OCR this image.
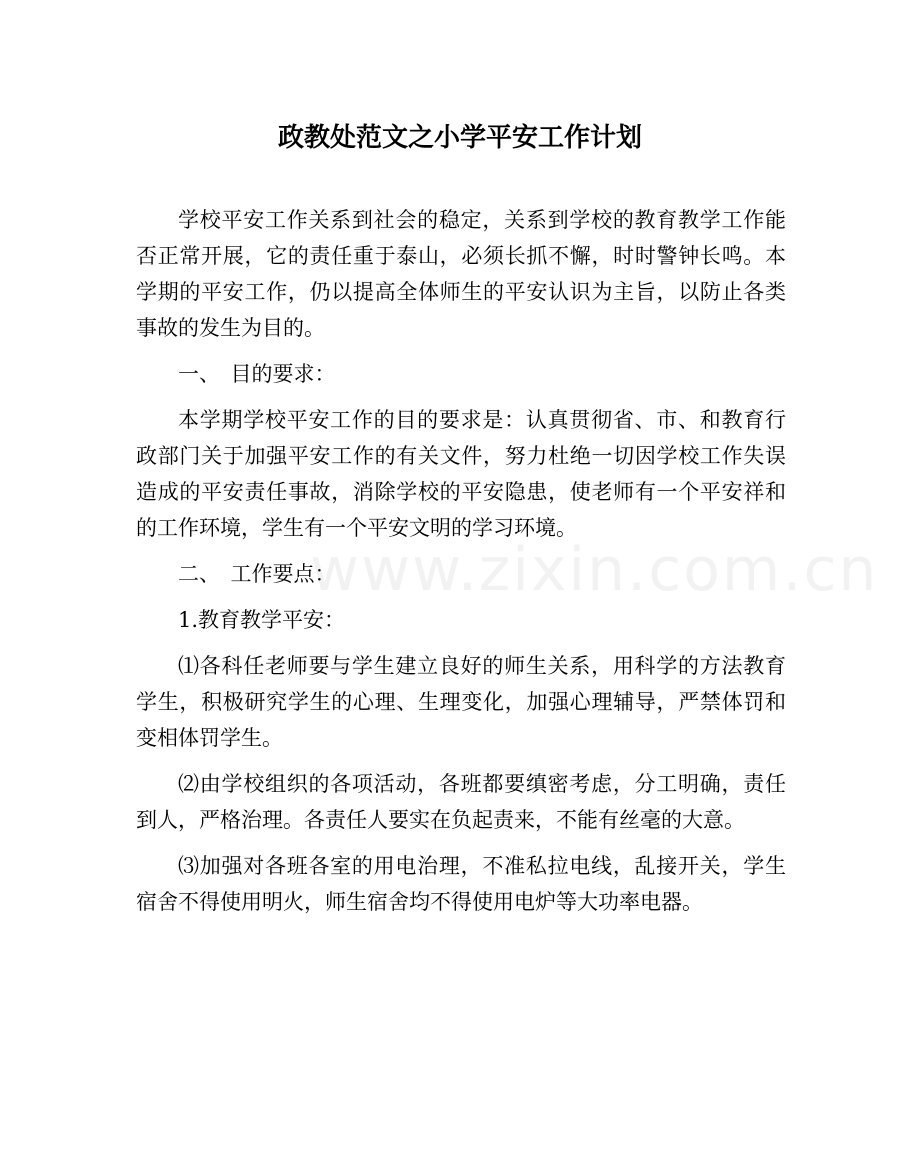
政教处范文之小学平安工作计划

学校平安工作关系到社会的稳定，关系到学校的教育教学工作能否正常开展，它的责任重于泰山，必须长抓不懈，时时警钟长鸣。本学期的平安工作，仍以提高全体师生的平安认识为主旨，以防止各类事故的发生为目的。

一、　目的要求：

本学期学校平安工作的目的要求是：认真贯彻省、市、和教育行政部门关于加强平安工作的有关文件，努力杜绝一切因学校工作失误造成的平安责任事故，消除学校的平安隐患，使老师有一个平安祥和的工作环境，学生有一个平安文明的学习环境。

二、　工作要点：

1.教育教学平安：

⑴各科任老师要与学生建立良好的师生关系，用科学的方法教育学生，积极研究学生的心理、生理变化，加强心理辅导，严禁体罚和变相体罚学生。

⑵由学校组织的各项活动，各班都要缜密考虑，分工明确，责任到人，严格治理。各责任人要实在负起责来，不能有丝毫的大意。

⑶加强对各班各室的用电治理，不准私拉电线，乱接开关，学生宿舍不得使用明火，师生宿舍均不得使用电炉等大功率电器。

www.zixin.com.cn
